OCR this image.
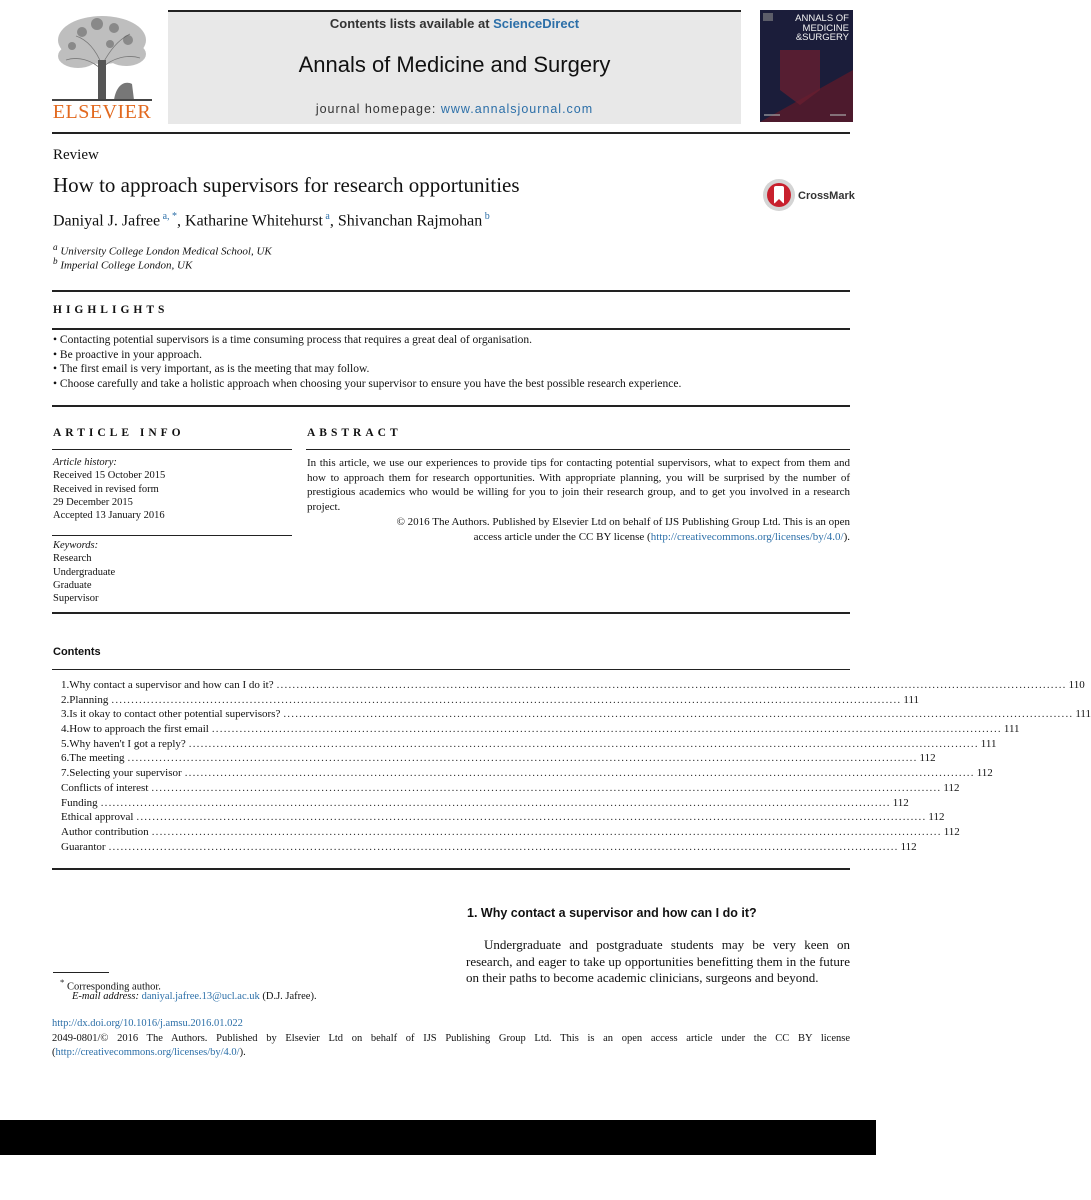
ELSEVIER
Contents lists available at ScienceDirect
Annals of Medicine and Surgery
journal homepage: www.annalsjournal.com
ANNALS OF
MEDICINE
&SURGERY
Review
How to approach supervisors for research opportunities
Daniyal J. Jafree $^{a, *}$, Katharine Whitehurst $^a$, Shivanchan Rajmohan $^b$
$^a$ University College London Medical School, UK
$^b$ Imperial College London, UK
CrossMark
HIGHLIGHTS
• Contacting potential supervisors is a time consuming process that requires a great deal of organisation.
• Be proactive in your approach.
• The first email is very important, as is the meeting that may follow.
• Choose carefully and take a holistic approach when choosing your supervisor to ensure you have the best possible research experience.
ARTICLE INFO
Article history:
Received 15 October 2015
Received in revised form
29 December 2015
Accepted 13 January 2016
Keywords:
Research
Undergraduate
Graduate
Supervisor
ABSTRACT
In this article, we use our experiences to provide tips for contacting potential supervisors, what to expect from them and how to approach them for research opportunities. With appropriate planning, you will be surprised by the number of prestigious academics who would be willing for you to join their research group, and to get you involved in a research project.
© 2016 The Authors. Published by Elsevier Ltd on behalf of IJS Publishing Group Ltd. This is an open
access article under the CC BY license (http://creativecommons.org/licenses/by/4.0/).
Contents
1. Why contact a supervisor and how can I do it? ........................................................................................................................................................................................................ 110
2. Planning ........................................................................................................................................................................................................ 111
3. Is it okay to contact other potential supervisors? ........................................................................................................................................................................................................ 111
4. How to approach the first email ........................................................................................................................................................................................................ 111
5. Why haven't I got a reply? ........................................................................................................................................................................................................ 111
6. The meeting ........................................................................................................................................................................................................ 112
7. Selecting your supervisor ........................................................................................................................................................................................................ 112
Conflicts of interest ........................................................................................................................................................................................................ 112
Funding ........................................................................................................................................................................................................ 112
Ethical approval ........................................................................................................................................................................................................ 112
Author contribution ........................................................................................................................................................................................................ 112
Guarantor ........................................................................................................................................................................................................ 112
1. Why contact a supervisor and how can I do it?
Undergraduate and postgraduate students may be very keen on research, and eager to take up opportunities benefitting them in the future on their paths to become academic clinicians, surgeons and beyond.
* Corresponding author.
E-mail address: daniyal.jafree.13@ucl.ac.uk (D.J. Jafree).
http://dx.doi.org/10.1016/j.amsu.2016.01.022
2049-0801/© 2016 The Authors. Published by Elsevier Ltd on behalf of IJS Publishing Group Ltd. This is an open access article under the CC BY license (http://creativecommons.org/licenses/by/4.0/).
